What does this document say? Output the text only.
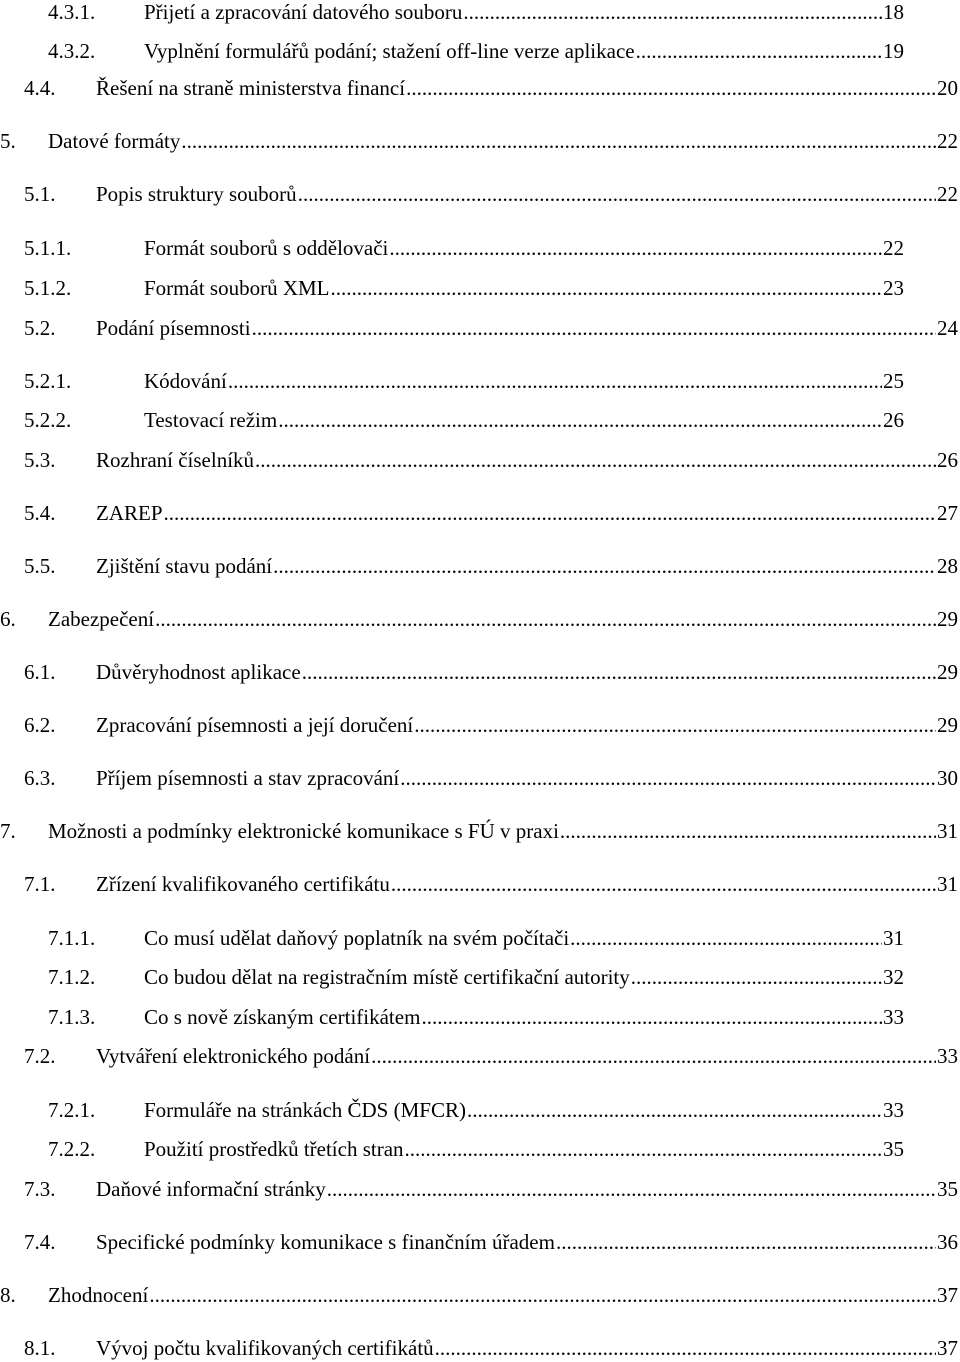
4.3.1.	Přijetí a zpracování datového souboru .....	18
4.3.2.	Vyplnění formulářů podání; stažení off-line verze aplikace .....	19
4.4.	Řešení na straně ministerstva financí .....	20
5.	Datové formáty .....	22
5.1.	Popis struktury souborů .....	22
5.1.1.	Formát souborů s oddělovači .....	22
5.1.2.	Formát souborů XML .....	23
5.2.	Podání písemnosti .....	24
5.2.1.	Kódování .....	25
5.2.2.	Testovací režim .....	26
5.3.	Rozhraní číselníků .....	26
5.4.	ZAREP .....	27
5.5.	Zjištění stavu podání .....	28
6.	Zabezpečení .....	29
6.1.	Důvěryhodnost aplikace .....	29
6.2.	Zpracování písemnosti a její doručení .....	29
6.3.	Příjem písemnosti a stav zpracování .....	30
7.	Možnosti a podmínky elektronické komunikace s FÚ v praxi .....	31
7.1.	Zřízení kvalifikovaného certifikátu .....	31
7.1.1.	Co musí udělat daňový poplatník na svém počítači .....	31
7.1.2.	Co budou dělat na registračním místě certifikační autority .....	32
7.1.3.	Co s nově získaným certifikátem .....	33
7.2.	Vytváření elektronického podání .....	33
7.2.1.	Formuláře na stránkách ČDS (MFCR) .....	33
7.2.2.	Použití prostředků třetích stran .....	35
7.3.	Daňové informační stránky .....	35
7.4.	Specifické podmínky komunikace s finančním úřadem .....	36
8.	Zhodnocení .....	37
8.1.	Vývoj počtu kvalifikovaných certifikátů .....	37
